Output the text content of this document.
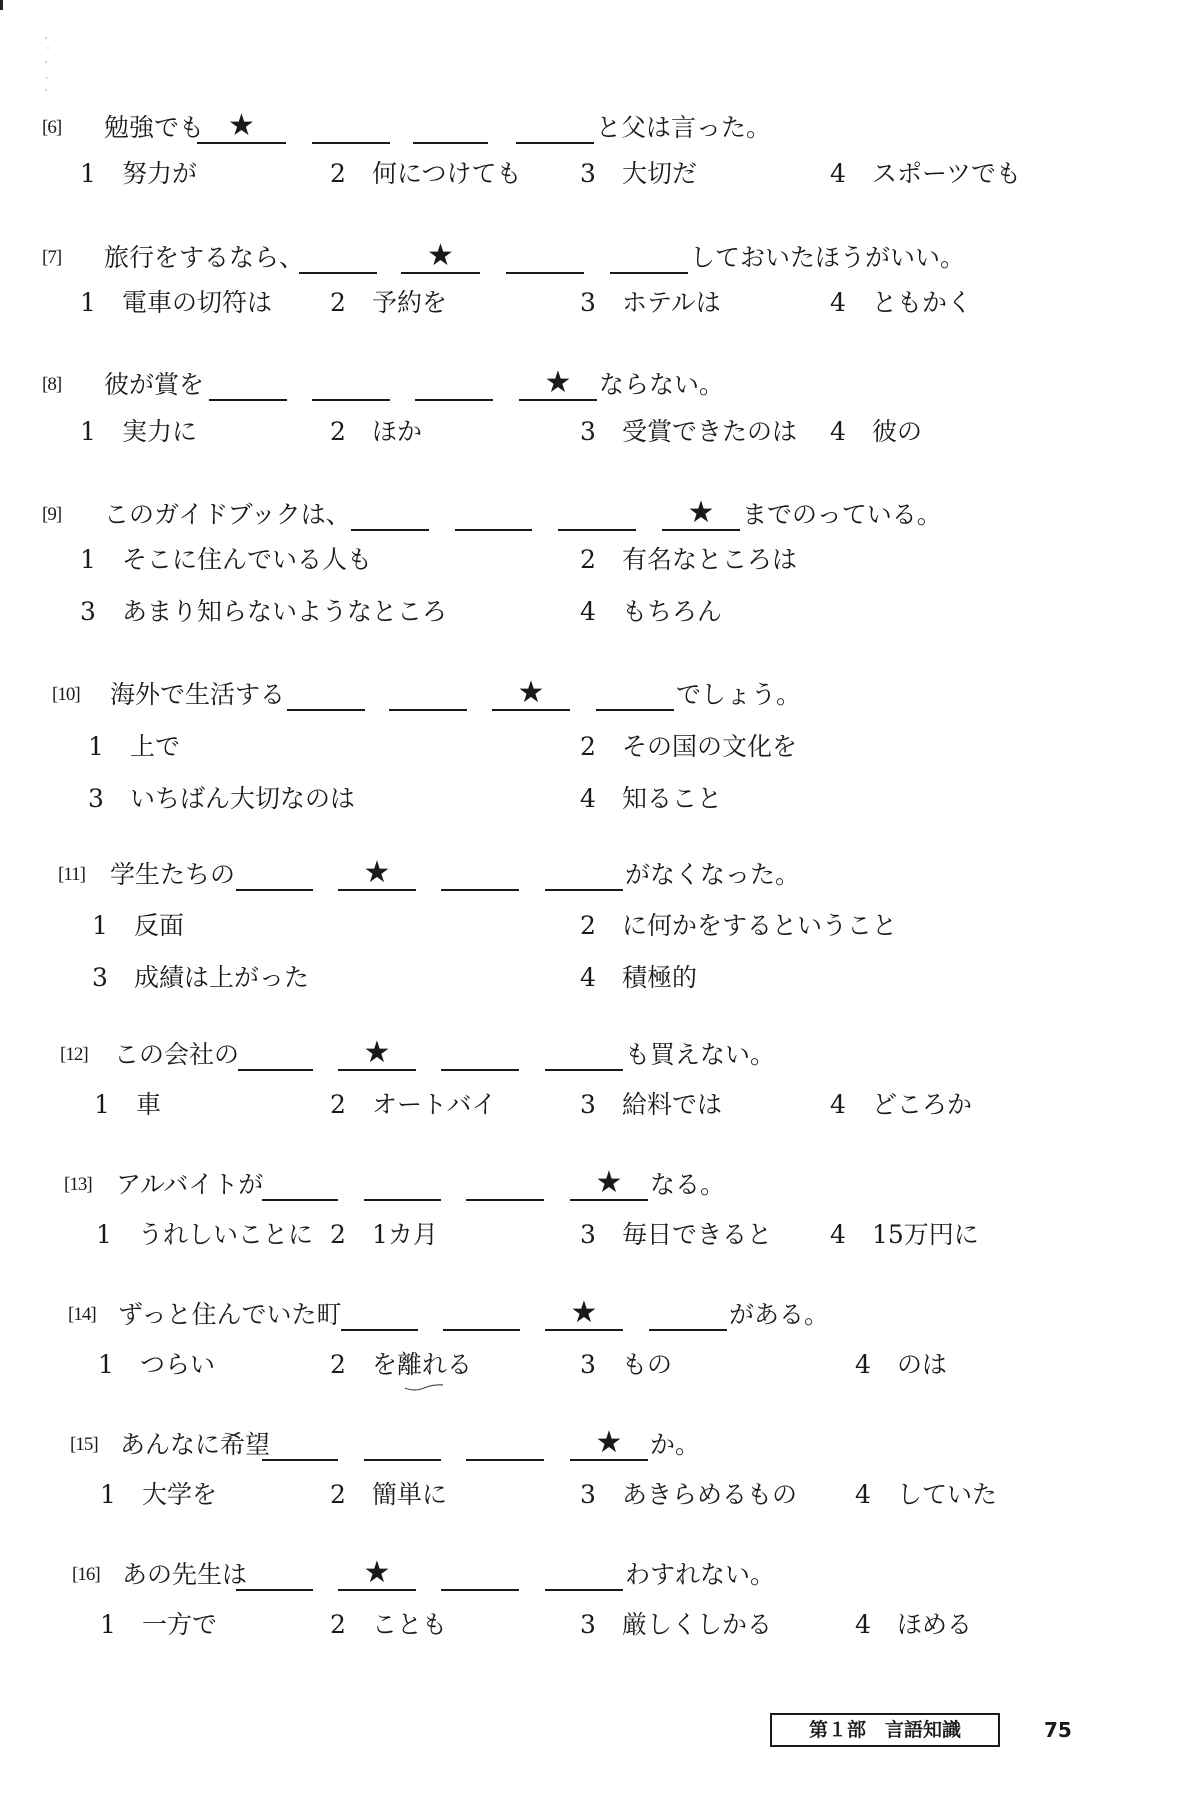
[6] 勉強でも ★	と父は言った。
1 努力が	2 何につけても 3 大切だ	4 スポーツでも
[7] 旅行をするなら、	★	しておいたほうがいい。
1 電車の切符は 2 予約を	3 ホテルは	4 ともかく
[8] 彼が賞を	★	ならない。
1 実力に	2 ほか	3 受賞できたのは 4 彼の
[9] このガイドブックは、	★	までのっている。
1 そこに住んでいる人も	2 有名なところは
3 あまり知らないようなところ	4 もちろん
[10] 海外で生活する	★	でしょう。
1 上で	2 その国の文化を
3 いちばん大切なのは	4 知ること
[11] 学生たちの	★	がなくなった。
1 反面	2 に何かをするということ
3 成績は上がった	4 積極的
[12] この会社の	★	も買えない。
1 車	2 オートバイ	3 給料では	4 どころか
[13] アルバイトが	★	なる。
1 うれしいことに 2 1カ月	3 毎日できると 4 15万円に
[14] ずっと住んでいた町	★	がある。
1 つらい	2 を離れる	3 もの	4 のは
[15] あんなに希望	★	か。
1 大学を	2 簡単に	3 あきらめるもの 4 していた
[16] あの先生は	★	わすれない。
1 一方で	2 ことも	3 厳しくしかる	4 ほめる
第１部　言語知識	75
